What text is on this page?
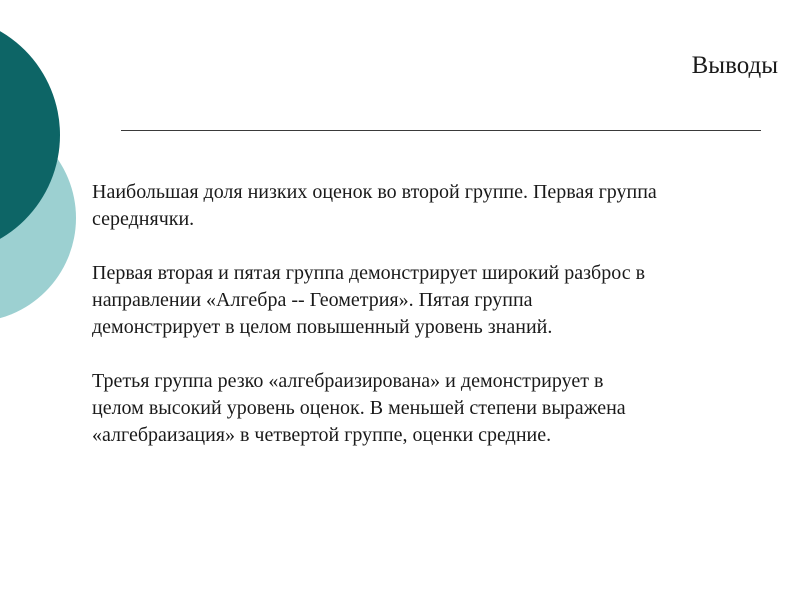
Выводы

Наибольшая доля низких оценок во второй группе. Первая группа
середнячки.

Первая вторая и пятая группа демонстрирует широкий разброс в
направлении «Алгебра -- Геометрия». Пятая группа
демонстрирует в целом повышенный уровень знаний.

Третья группа резко «алгебраизирована» и демонстрирует в
целом высокий уровень оценок. В меньшей степени выражена
«алгебраизация» в четвертой группе, оценки средние.
